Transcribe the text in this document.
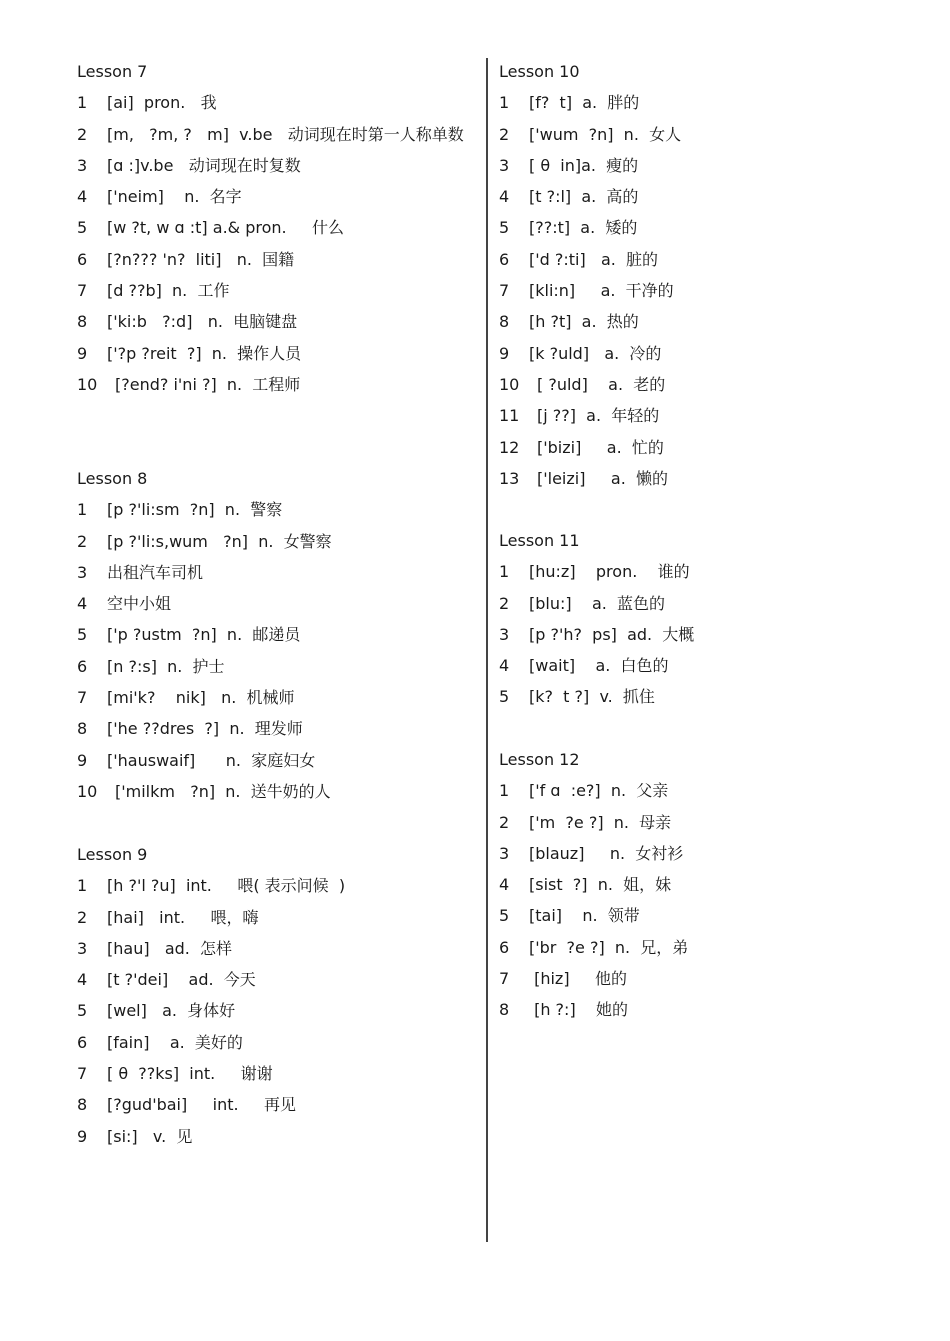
Lesson 7
1	[ai]  pron.   我
2 [m,   ?m, ?   m]  v.be   动词现在时第一人称单数
3	[ɑ :]v.be   动词现在时复数
4	['neim]    n.  名字
5	[w ?t, w ɑ :t] a.& pron.     什么
6	[?n??? 'n?  liti]   n.  国籍
7	[d ??b]  n.  工作
8	['ki:b   ?:d]   n.  电脑键盘
9	['?p ?reit  ?]  n.  操作人员
10	[?end? i'ni ?]  n.  工程师
Lesson 8
1	[p ?'li:sm  ?n]  n.  警察
2	[p ?'li:s,wum   ?n]  n.  女警察
3	出租汽车司机
4	空中小姐
5	['p ?ustm  ?n]  n.  邮递员
6	[n ?:s]  n.  护士
7	[mi'k?    nik]   n.  机械师
8	['he ??dres  ?]  n.  理发师
9	['hauswaif]      n.  家庭妇女
10	['milkm   ?n]  n.  送牛奶的人
Lesson 9
1	[h ?'l ?u]  int.     喂( 表示问候  )
2	[hai]   int.     喂，嗨
3	[hau]   ad.  怎样
4	[t ?'dei]    ad.  今天
5	[wel]   a.  身体好
6	[fain]    a.  美好的
7	[ θ  ??ks]  int.     谢谢
8	[?gud'bai]     int.     再见
9	[si:]   v.  见
Lesson 10
1	[f?  t]  a.  胖的
2	['wum  ?n]  n.  女人
3	[ θ  in]a.  瘦的
4	[t ?:l]  a.  高的
5	[??:t]  a.  矮的
6	['d ?:ti]   a.  脏的
7	[kli:n]     a.  干净的
8	[h ?t]  a.  热的
9	[k ?uld]   a.  冷的
10	[ ?uld]    a.  老的
11	[j ??]  a.  年轻的
12	['bizi]     a.  忙的
13	['leizi]     a.  懒的
Lesson 11
1	[hu:z]    pron.    谁的
2	[blu:]    a.  蓝色的
3	[p ?'h?  ps]  ad.  大概
4	[wait]    a.  白色的
5	[k?  t ?]  v.  抓住
Lesson 12
1	['f ɑ  :e?]  n.  父亲
2	['m  ?e ?]  n.  母亲
3	[blauz]     n.  女衬衫
4	[sist  ?]  n.  姐，妹
5	[tai]    n.  领带
6	['br  ?e ?]  n.  兄，弟
7	[hiz]     他的
8	[h ?:]    她的
